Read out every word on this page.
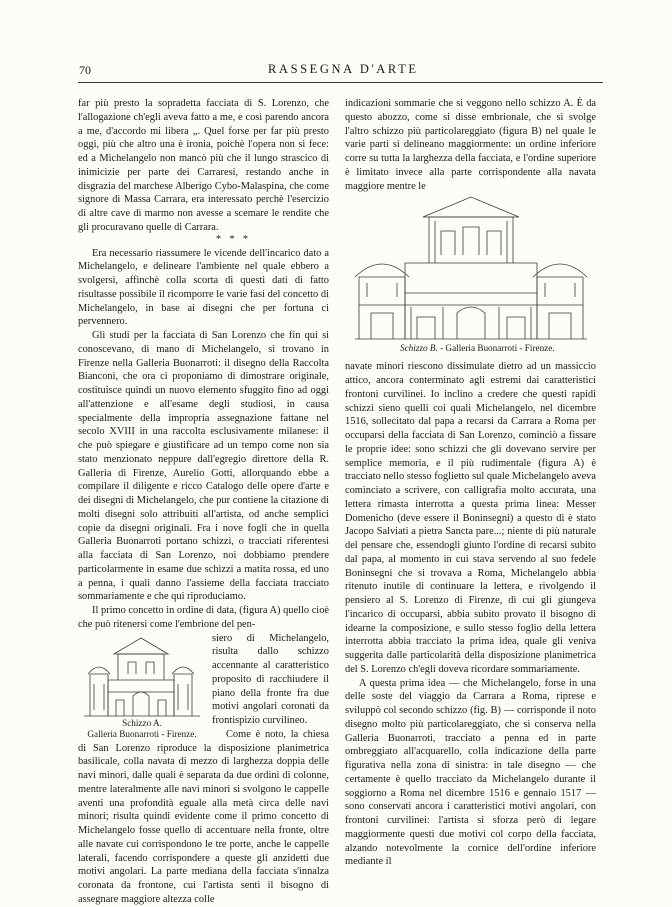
70	RASSEGNA D'ARTE

far più presto la sopradetta facciata di S. Lorenzo, che l'allogazione ch'egli aveva fatto a me, e così parendo ancora a me, d'accordo mi libera „. Quel forse per far più presto oggi, più che altro una è ironia, poichè l'opera non si fece: ed a Michelangelo non mancò più che il lungo strascico di inimicizie per parte dei Carraresi, restando anche in disgrazia del marchese Alberigo Cybo-Malaspina, che come signore di Massa Carrara, era interessato perchè l'esercizio di altre cave di marmo non avesse a scemare le rendite che gli procuravano quelle di Carrara.

* * *

Era necessario riassumere le vicende dell'incarico dato a Michelangelo, e delineare l'ambiente nel quale ebbero a svolgersi, affinchè colla scorta di questi dati di fatto risultasse possibile il ricomporre le varie fasi del concetto di Michelangelo, in base ai disegni che per fortuna ci pervennero.

Gli studi per la facciata di San Lorenzo che fin qui si conoscevano, di mano di Michelangelo, si trovano in Firenze nella Galleria Buonarroti: il disegno della Raccolta Bianconi, che ora ci proponiamo di dimostrare originale, costituisce quindi un nuovo elemento sfuggito fino ad oggi all'attenzione e all'esame degli studiosi, in causa specialmente della impropria assegnazione fattane nel secolo XVIII in una raccolta esclusivamente milanese: il che può spiegare e giustificare ad un tempo come non sia stato menzionato neppure dall'egregio direttore della R. Galleria di Firenze, Aurelio Gotti, allorquando ebbe a compilare il diligente e ricco Catalogo delle opere d'arte e dei disegni di Michelangelo, che pur contiene la citazione di molti disegni solo attribuiti all'artista, od anche semplici copie da disegni originali. Fra i nove fogli che in quella Galleria Buonarroti portano schizzi, o tracciati riferentesi alla facciata di San Lorenzo, noi dobbiamo prendere particolarmente in esame due schizzi a matita rossa, ed uno a penna, i quali danno l'assieme della facciata tracciato sommariamente e che qui riproduciamo.

Il primo concetto in ordine di data, (figura A) quello cioè che può ritenersi come l'embrione del pen-

Schizzo A.
Galleria Buonarroti - Firenze.

siero di Michelangelo, risulta dallo schizzo accennante al caratteristico proposito di racchiudere il piano della fronte fra due motivi angolari coronati da frontispizio curvilineo.

Come è noto, la chiesa di San Lorenzo riproduce la disposizione planimetrica basilicale, colla navata di mezzo di larghezza doppia delle navi minori, dalle quali è separata da due ordini di colonne, mentre lateralmente alle navi minori si svolgono le cappelle aventi una profondità eguale alla metà circa delle navi minori; risulta quindi evidente come il primo concetto di Michelangelo fosse quello di accentuare nella fronte, oltre alle navate cui corrispondono le tre porte, anche le cappelle laterali, facendo corrispondere a queste gli anzidetti due motivi angolari. La parte mediana della facciata s'innalza coronata da frontone, cui l'artista sentì il bisogno di assegnare maggiore altezza colle

indicazioni sommarie che si veggono nello schizzo A. È da questo abozzo, come si disse embrionale, che si svolge l'altro schizzo più particolareggiato (figura B) nel quale le varie parti si delineano maggiormente: un ordine inferiore corre su tutta la larghezza della facciata, e l'ordine superiore è limitato invece alla parte corrispondente alla navata maggiore mentre le

Schizzo B. - Galleria Buonarroti - Firenze.

navate minori riescono dissimulate dietro ad un massiccio attico, ancora conterminato agli estremi dai caratteristici frontoni curvilinei. Io inclino a credere che questi rapidi schizzi sieno quelli coi quali Michelangelo, nel dicembre 1516, sollecitato dal papa a recarsi da Carrara a Roma per occuparsi della facciata di San Lorenzo, cominciò a fissare le proprie idee: sono schizzi che gli dovevano servire per semplice memoria, e il più rudimentale (figura A) è tracciato nello stesso foglietto sul quale Michelangelo aveva cominciato a scrivere, con calligrafia molto accurata, una lettera rimasta interrotta a questa prima linea: Messer Domenicho (deve essere il Boninsegni) a questo di è stato Jacopo Salviati a pietra Sancta pare...; niente di più naturale del pensare che, essendogli giunto l'ordine di recarsi subito dal papa, al momento in cui stava servendo al suo fedele Boninsegni che si trovava a Roma, Michelangelo abbia ritenuto inutile di continuare la lettera, e rivolgendo il pensiero al S. Lorenzo di Firenze, di cui gli giungeva l'incarico di occuparsi, abbia subito provato il bisogno di idearne la composizione, e sullo stesso foglio della lettera interrotta abbia tracciato la prima idea, quale gli veniva suggerita dalle particolarità della disposizione planimetrica del S. Lorenzo ch'egli doveva ricordare sommariamente.

A questa prima idea — che Michelangelo, forse in una delle soste del viaggio da Carrara a Roma, riprese e sviluppò col secondo schizzo (fig. B) — corrisponde il noto disegno molto più particolareggiato, che si conserva nella Galleria Buonarroti, tracciato a penna ed in parte ombreggiato all'acquarello, colla indicazione della parte figurativa nella zona di sinistra: in tale disegno — che certamente è quello tracciato da Michelangelo durante il soggiorno a Roma nel dicembre 1516 e gennaio 1517 — sono conservati ancora i caratteristici motivi angolari, con frontoni curvilinei: l'artista si sforza però di legare maggiormente questi due motivi col corpo della facciata, alzando notevolmente la cornice dell'ordine inferiore mediante il
